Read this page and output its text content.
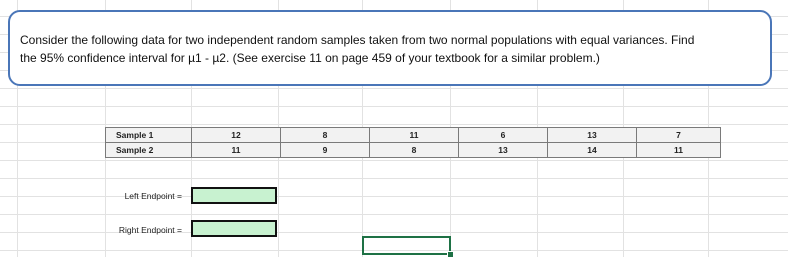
Consider the following data for two independent random samples taken from two normal populations with equal variances. Find
the 95% confidence interval for µ1 - µ2. (See exercise 11 on page 459 of your textbook for a similar problem.)
Sample 1	12	8	11	6	13	7
Sample 2	11	9	8	13	14	11
Left Endpoint =
Right Endpoint =
